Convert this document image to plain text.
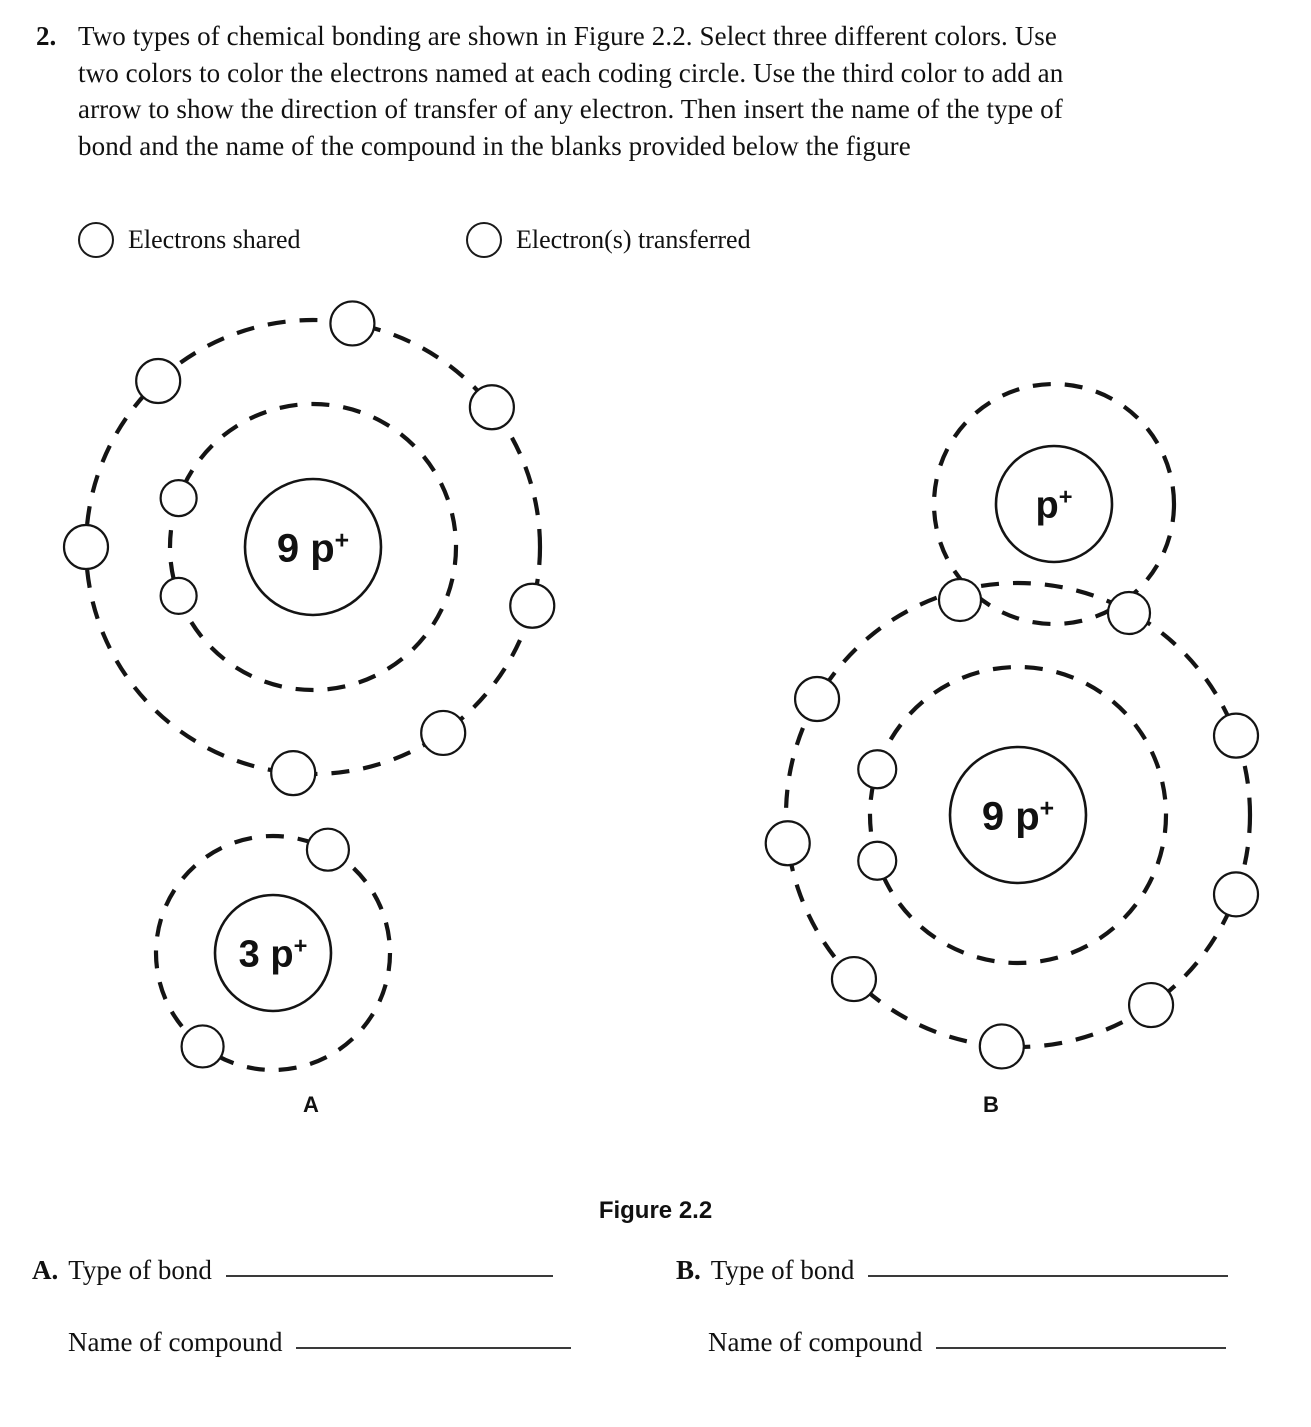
2. Two types of chemical bonding are shown in Figure 2.2. Select three different colors. Use two colors to color the electrons named at each coding circle. Use the third color to add an arrow to show the direction of transfer of any electron. Then insert the name of the type of bond and the name of the compound in the blanks provided below the figure
Electrons shared	Electron(s) transferred
9 p+
3 p+
p+
9 p+
A	B
Figure 2.2
A. Type of bond	B. Type of bond
Name of compound	Name of compound
